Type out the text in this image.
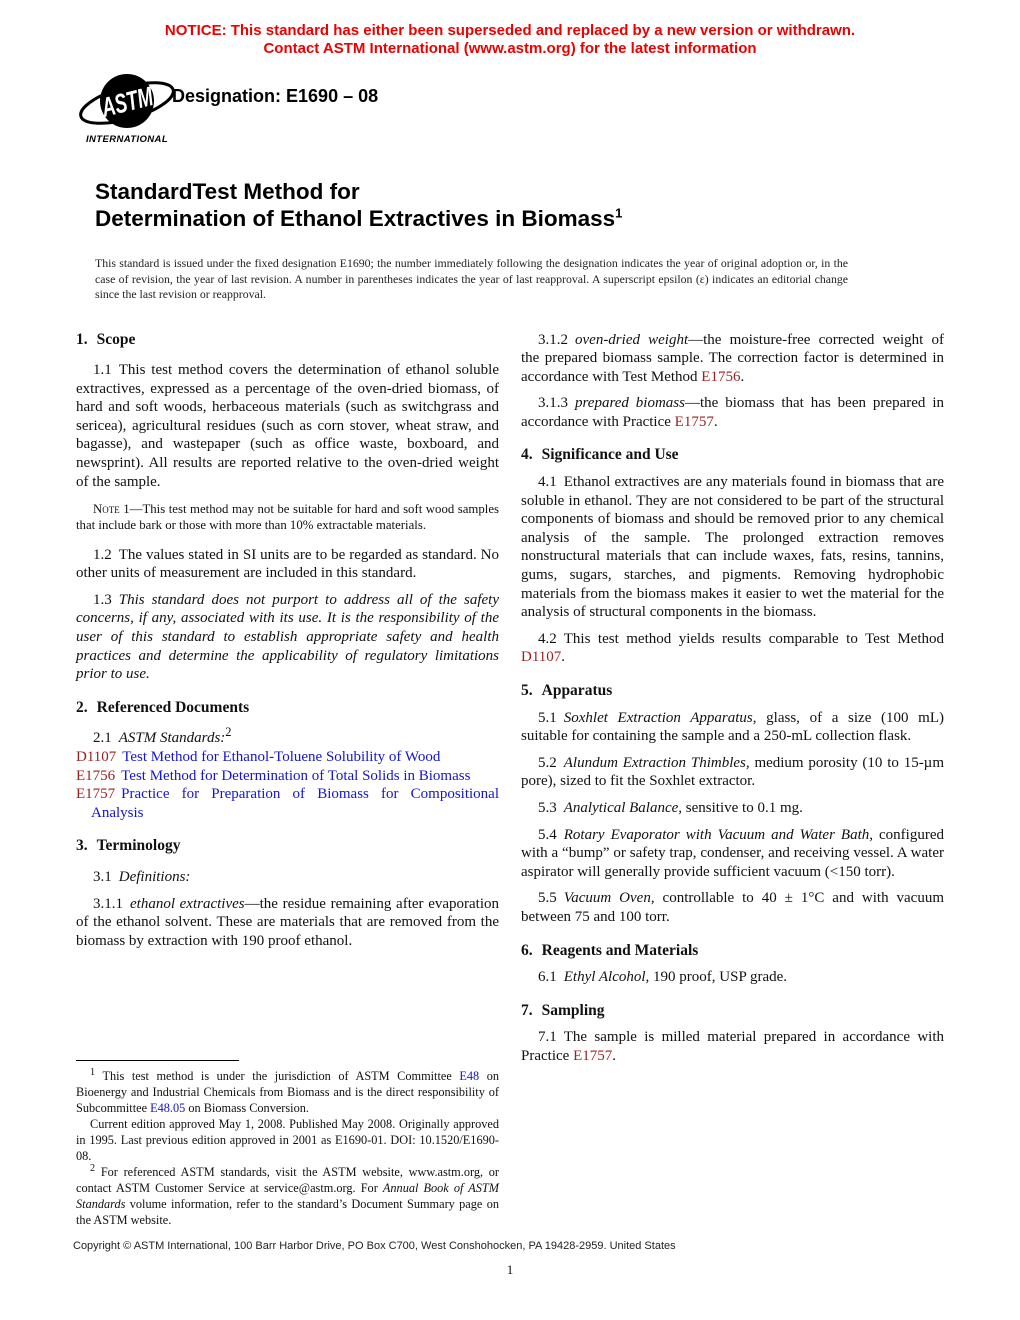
NOTICE: This standard has either been superseded and replaced by a new version or withdrawn.
Contact ASTM International (www.astm.org) for the latest information
ASTM
INTERNATIONAL
Designation: E1690 – 08
StandardTest Method for
Determination of Ethanol Extractives in Biomass$^1$
This standard is issued under the fixed designation E1690; the number immediately following the designation indicates the year of original adoption or, in the case of revision, the year of last revision. A number in parentheses indicates the year of last reapproval. A superscript epsilon (ε) indicates an editorial change since the last revision or reapproval.
1. Scope

1.1 This test method covers the determination of ethanol soluble extractives, expressed as a percentage of the oven-dried biomass, of hard and soft woods, herbaceous materials (such as switchgrass and sericea), agricultural residues (such as corn stover, wheat straw, and bagasse), and wastepaper (such as office waste, boxboard, and newsprint). All results are reported relative to the oven-dried weight of the sample.

Note 1—This test method may not be suitable for hard and soft wood samples that include bark or those with more than 10% extractable materials.

1.2 The values stated in SI units are to be regarded as standard. No other units of measurement are included in this standard.

1.3 This standard does not purport to address all of the safety concerns, if any, associated with its use. It is the responsibility of the user of this standard to establish appropriate safety and health practices and determine the applicability of regulatory limitations prior to use.

2. Referenced Documents

2.1 ASTM Standards:$^2$

D1107 Test Method for Ethanol-Toluene Solubility of Wood
E1756 Test Method for Determination of Total Solids in Biomass
E1757 Practice for Preparation of Biomass for Compositional Analysis
3. Terminology

3.1 Definitions:

3.1.1 ethanol extractives—the residue remaining after evaporation of the ethanol solvent. These are materials that are removed from the biomass by extraction with 190 proof ethanol.

$^1$ This test method is under the jurisdiction of ASTM Committee E48 on Bioenergy and Industrial Chemicals from Biomass and is the direct responsibility of Subcommittee E48.05 on Biomass Conversion.

Current edition approved May 1, 2008. Published May 2008. Originally approved in 1995. Last previous edition approved in 2001 as E1690-01. DOI: 10.1520/E1690-08.

$^2$ For referenced ASTM standards, visit the ASTM website, www.astm.org, or contact ASTM Customer Service at service@astm.org. For Annual Book of ASTM Standards volume information, refer to the standard’s Document Summary page on the ASTM website.

3.1.2 oven-dried weight—the moisture-free corrected weight of the prepared biomass sample. The correction factor is determined in accordance with Test Method E1756.

3.1.3 prepared biomass—the biomass that has been prepared in accordance with Practice E1757.

4. Significance and Use

4.1 Ethanol extractives are any materials found in biomass that are soluble in ethanol. They are not considered to be part of the structural components of biomass and should be removed prior to any chemical analysis of the sample. The prolonged extraction removes nonstructural materials that can include waxes, fats, resins, tannins, gums, sugars, starches, and pigments. Removing hydrophobic materials from the biomass makes it easier to wet the material for the analysis of structural components in the biomass.

4.2 This test method yields results comparable to Test Method D1107.

5. Apparatus

5.1 Soxhlet Extraction Apparatus, glass, of a size (100 mL) suitable for containing the sample and a 250-mL collection flask.

5.2 Alundum Extraction Thimbles, medium porosity (10 to 15-µm pore), sized to fit the Soxhlet extractor.

5.3 Analytical Balance, sensitive to 0.1 mg.

5.4 Rotary Evaporator with Vacuum and Water Bath, configured with a “bump” or safety trap, condenser, and receiving vessel. A water aspirator will generally provide sufficient vacuum (<150 torr).

5.5 Vacuum Oven, controllable to 40 ± 1°C and with vacuum between 75 and 100 torr.

6. Reagents and Materials

6.1 Ethyl Alcohol, 190 proof, USP grade.

7. Sampling

7.1 The sample is milled material prepared in accordance with Practice E1757.

Copyright © ASTM International, 100 Barr Harbor Drive, PO Box C700, West Conshohocken, PA 19428-2959. United States
1
